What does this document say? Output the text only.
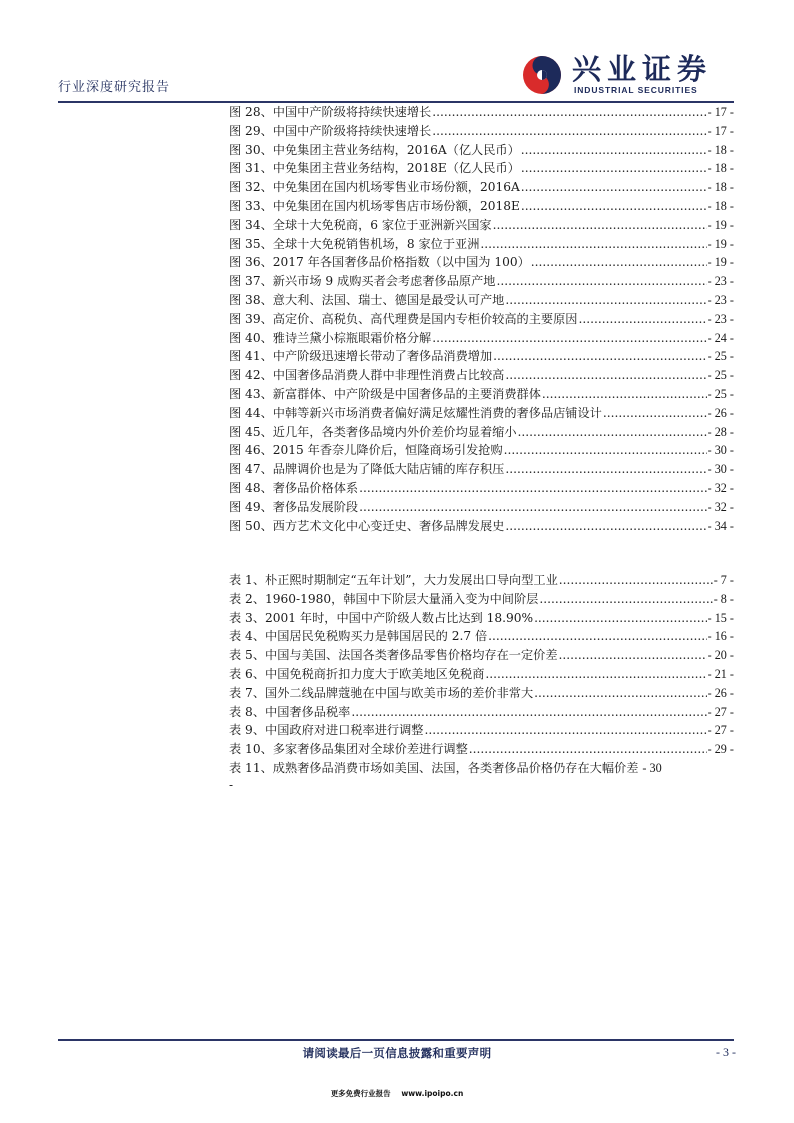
行业深度研究报告
兴业证券
INDUSTRIAL SECURITIES
图 28、中国中产阶级将持续快速增长 .....	- 17 -
图 29、中国中产阶级将持续快速增长 .....	- 17 -
图 30、中免集团主营业务结构，2016A（亿人民币） .....	- 18 -
图 31、中免集团主营业务结构，2018E（亿人民币） .....	- 18 -
图 32、中免集团在国内机场零售业市场份额，2016A .....	- 18 -
图 33、中免集团在国内机场零售店市场份额，2018E .....	- 18 -
图 34、全球十大免税商，6 家位于亚洲新兴国家 .....	- 19 -
图 35、全球十大免税销售机场，8 家位于亚洲 .....	- 19 -
图 36、2017 年各国奢侈品价格指数（以中国为 100） .....	- 19 -
图 37、新兴市场 9 成购买者会考虑奢侈品原产地 .....	- 23 -
图 38、意大利、法国、瑞士、德国是最受认可产地 .....	- 23 -
图 39、高定价、高税负、高代理费是国内专柜价较高的主要原因 .....	- 23 -
图 40、雅诗兰黛小棕瓶眼霜价格分解 .....	- 24 -
图 41、中产阶级迅速增长带动了奢侈品消费增加 .....	- 25 -
图 42、中国奢侈品消费人群中非理性消费占比较高 .....	- 25 -
图 43、新富群体、中产阶级是中国奢侈品的主要消费群体 .....	- 25 -
图 44、中韩等新兴市场消费者偏好满足炫耀性消费的奢侈品店铺设计 .....	- 26 -
图 45、近几年，各类奢侈品境内外价差价均显着缩小 .....	- 28 -
图 46、2015 年香奈儿降价后，恒隆商场引发抢购 .....	- 30 -
图 47、品牌调价也是为了降低大陆店铺的库存积压 .....	- 30 -
图 48、奢侈品价格体系 .....	- 32 -
图 49、奢侈品发展阶段 .....	- 32 -
图 50、西方艺术文化中心变迁史、奢侈品牌发展史 .....	- 34 -
表 1、朴正熙时期制定“五年计划”，大力发展出口导向型工业 .....	- 7 -
表 2、1960-1980，韩国中下阶层大量涌入变为中间阶层 .....	- 8 -
表 3、2001 年时，中国中产阶级人数占比达到 18.90% .....	- 15 -
表 4、中国居民免税购买力是韩国居民的 2.7 倍 .....	- 16 -
表 5、中国与美国、法国各类奢侈品零售价格均存在一定价差 .....	- 20 -
表 6、中国免税商折扣力度大于欧美地区免税商 .....	- 21 -
表 7、国外二线品牌蔻驰在中国与欧美市场的差价非常大 .....	- 26 -
表 8、中国奢侈品税率 .....	- 27 -
表 9、中国政府对进口税率进行调整 .....	- 27 -
表 10、多家奢侈品集团对全球价差进行调整 .....	- 29 -
表 11、成熟奢侈品消费市场如美国、法国，各类奢侈品价格仍存在大幅价差 - 30
-
请阅读最后一页信息披露和重要声明	- 3 -
更多免费行业报告 www.ipoipo.cn
